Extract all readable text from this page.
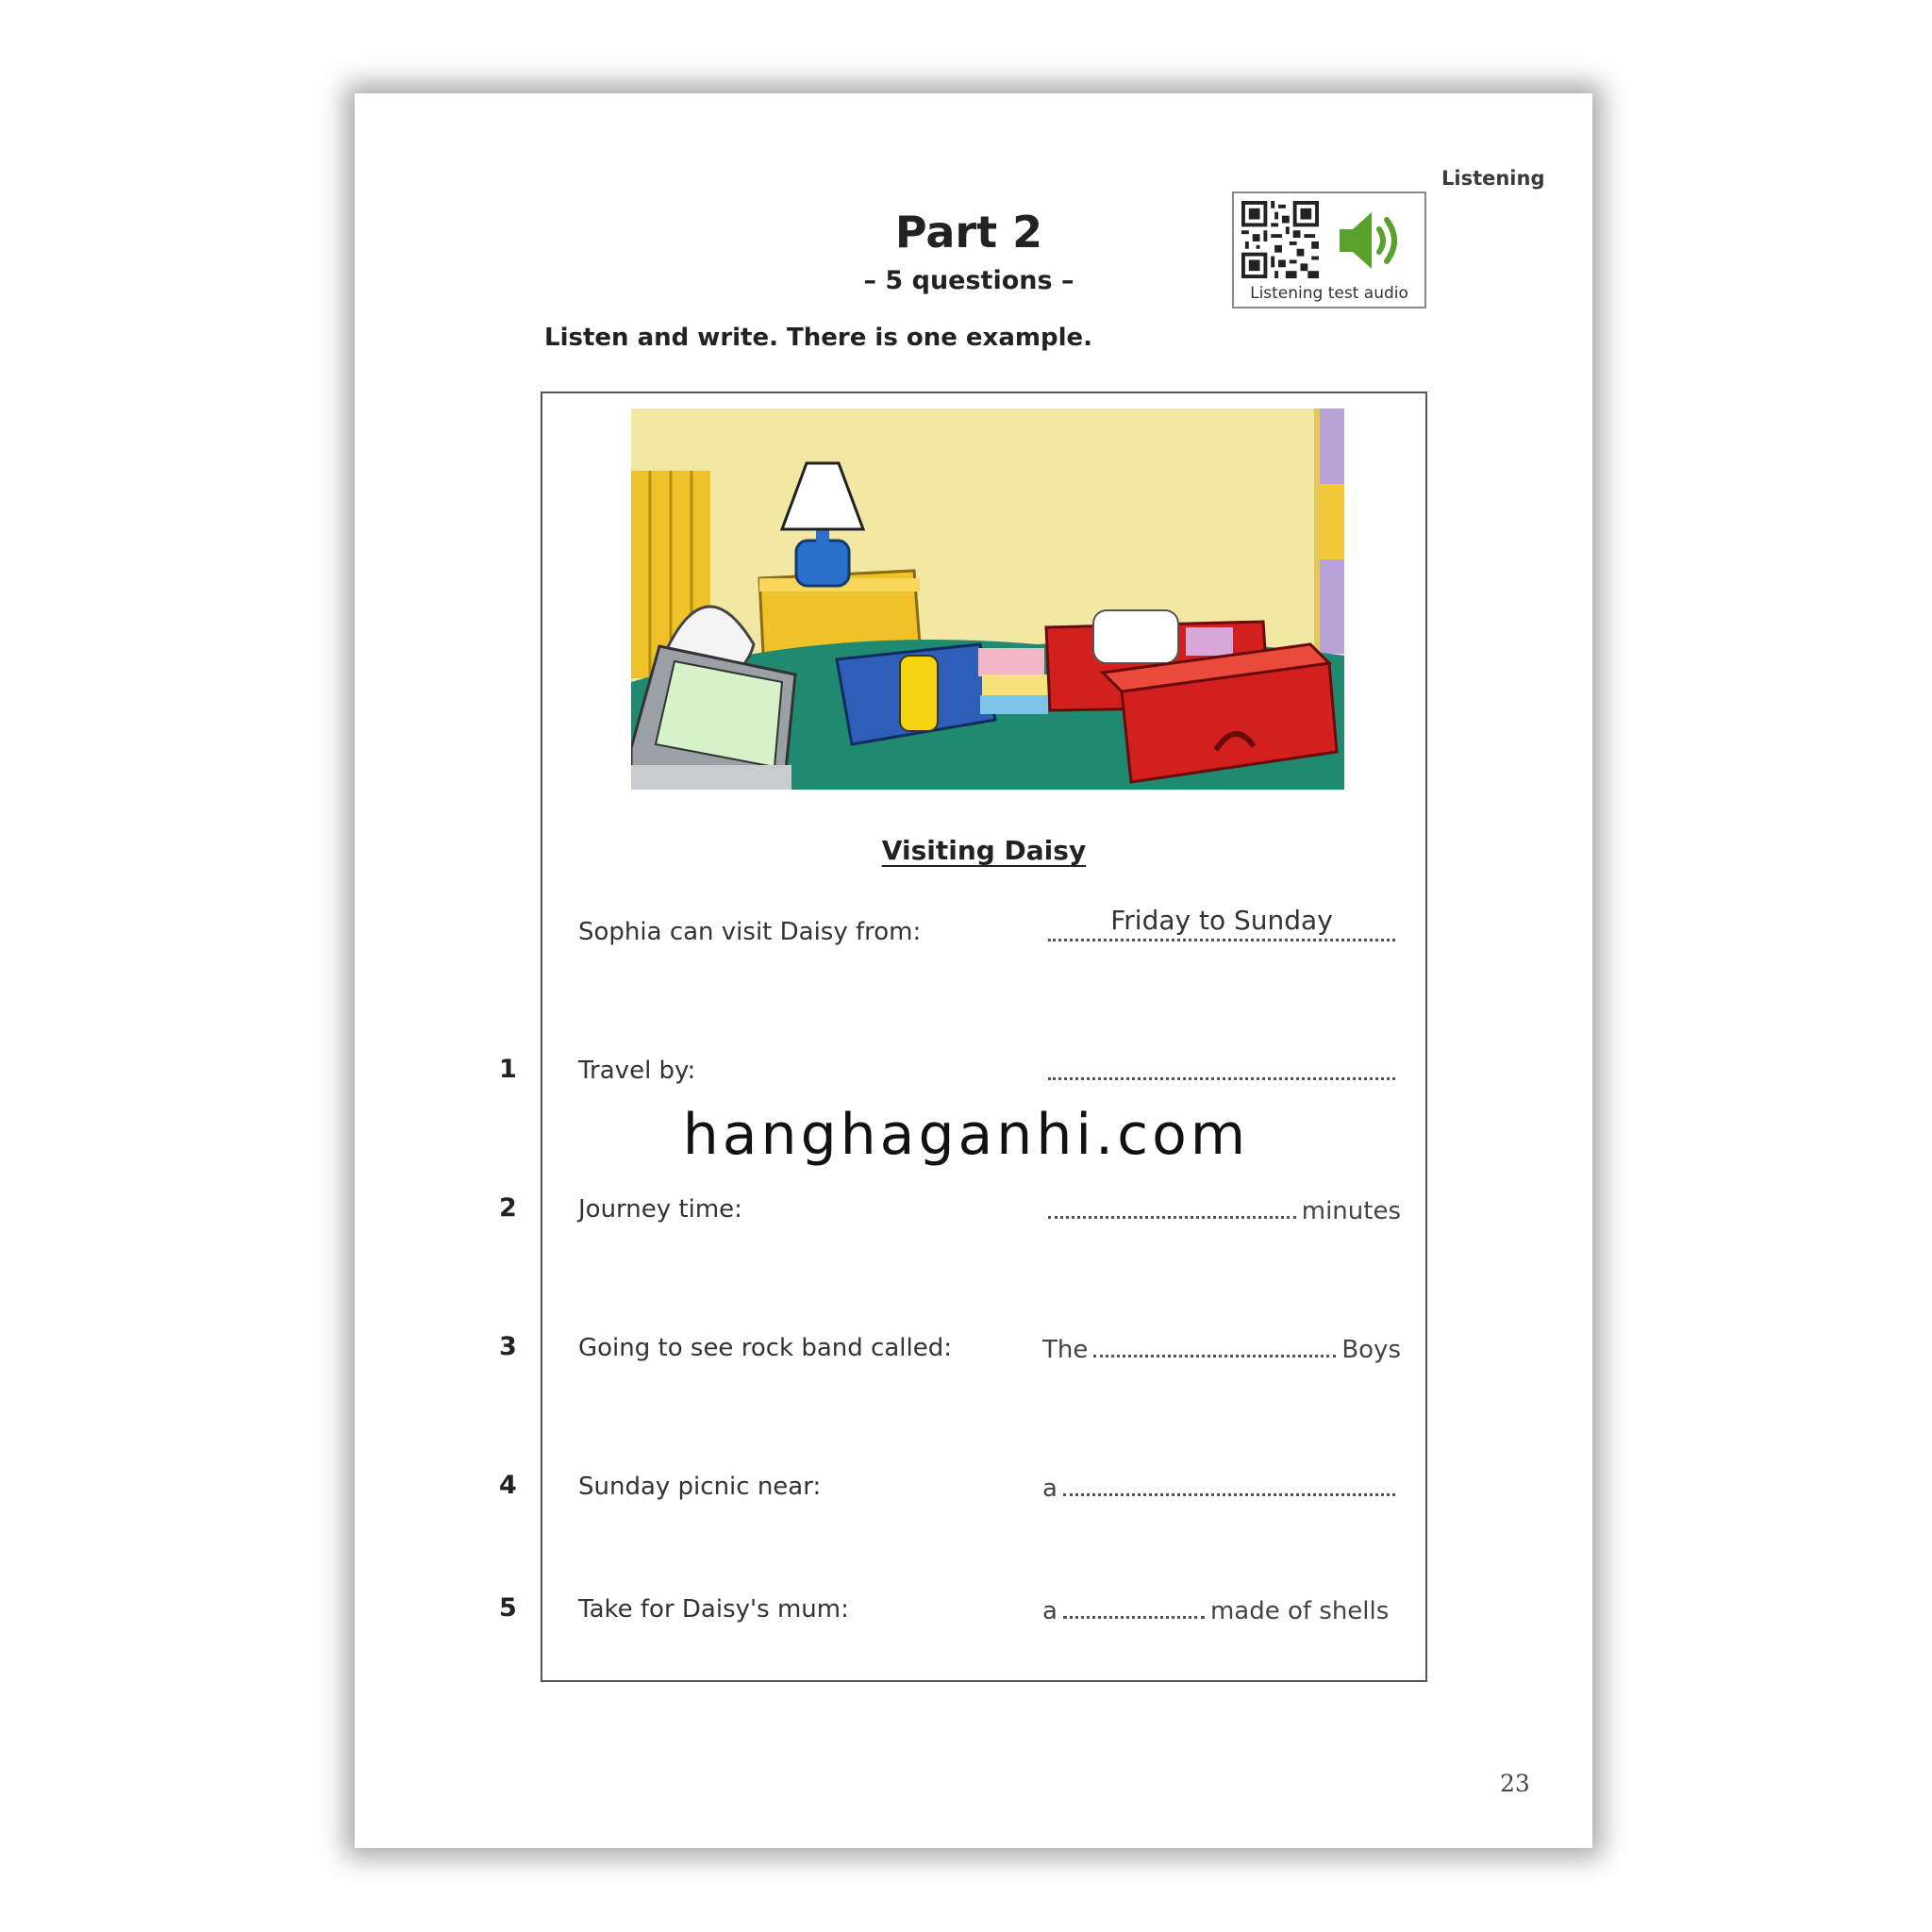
Listening
Part 2
– 5 questions –	Listening test audio
Listen and write. There is one example.
Visiting Daisy
Sophia can visit Daisy from:	Friday to Sunday
1	Travel by:
2	Journey time:	minutes
3	Going to see rock band called:	The	Boys
4	Sunday picnic near:	a
5	Take for Daisy's mum:	a	made of shells
23
hanghaganhi.com
